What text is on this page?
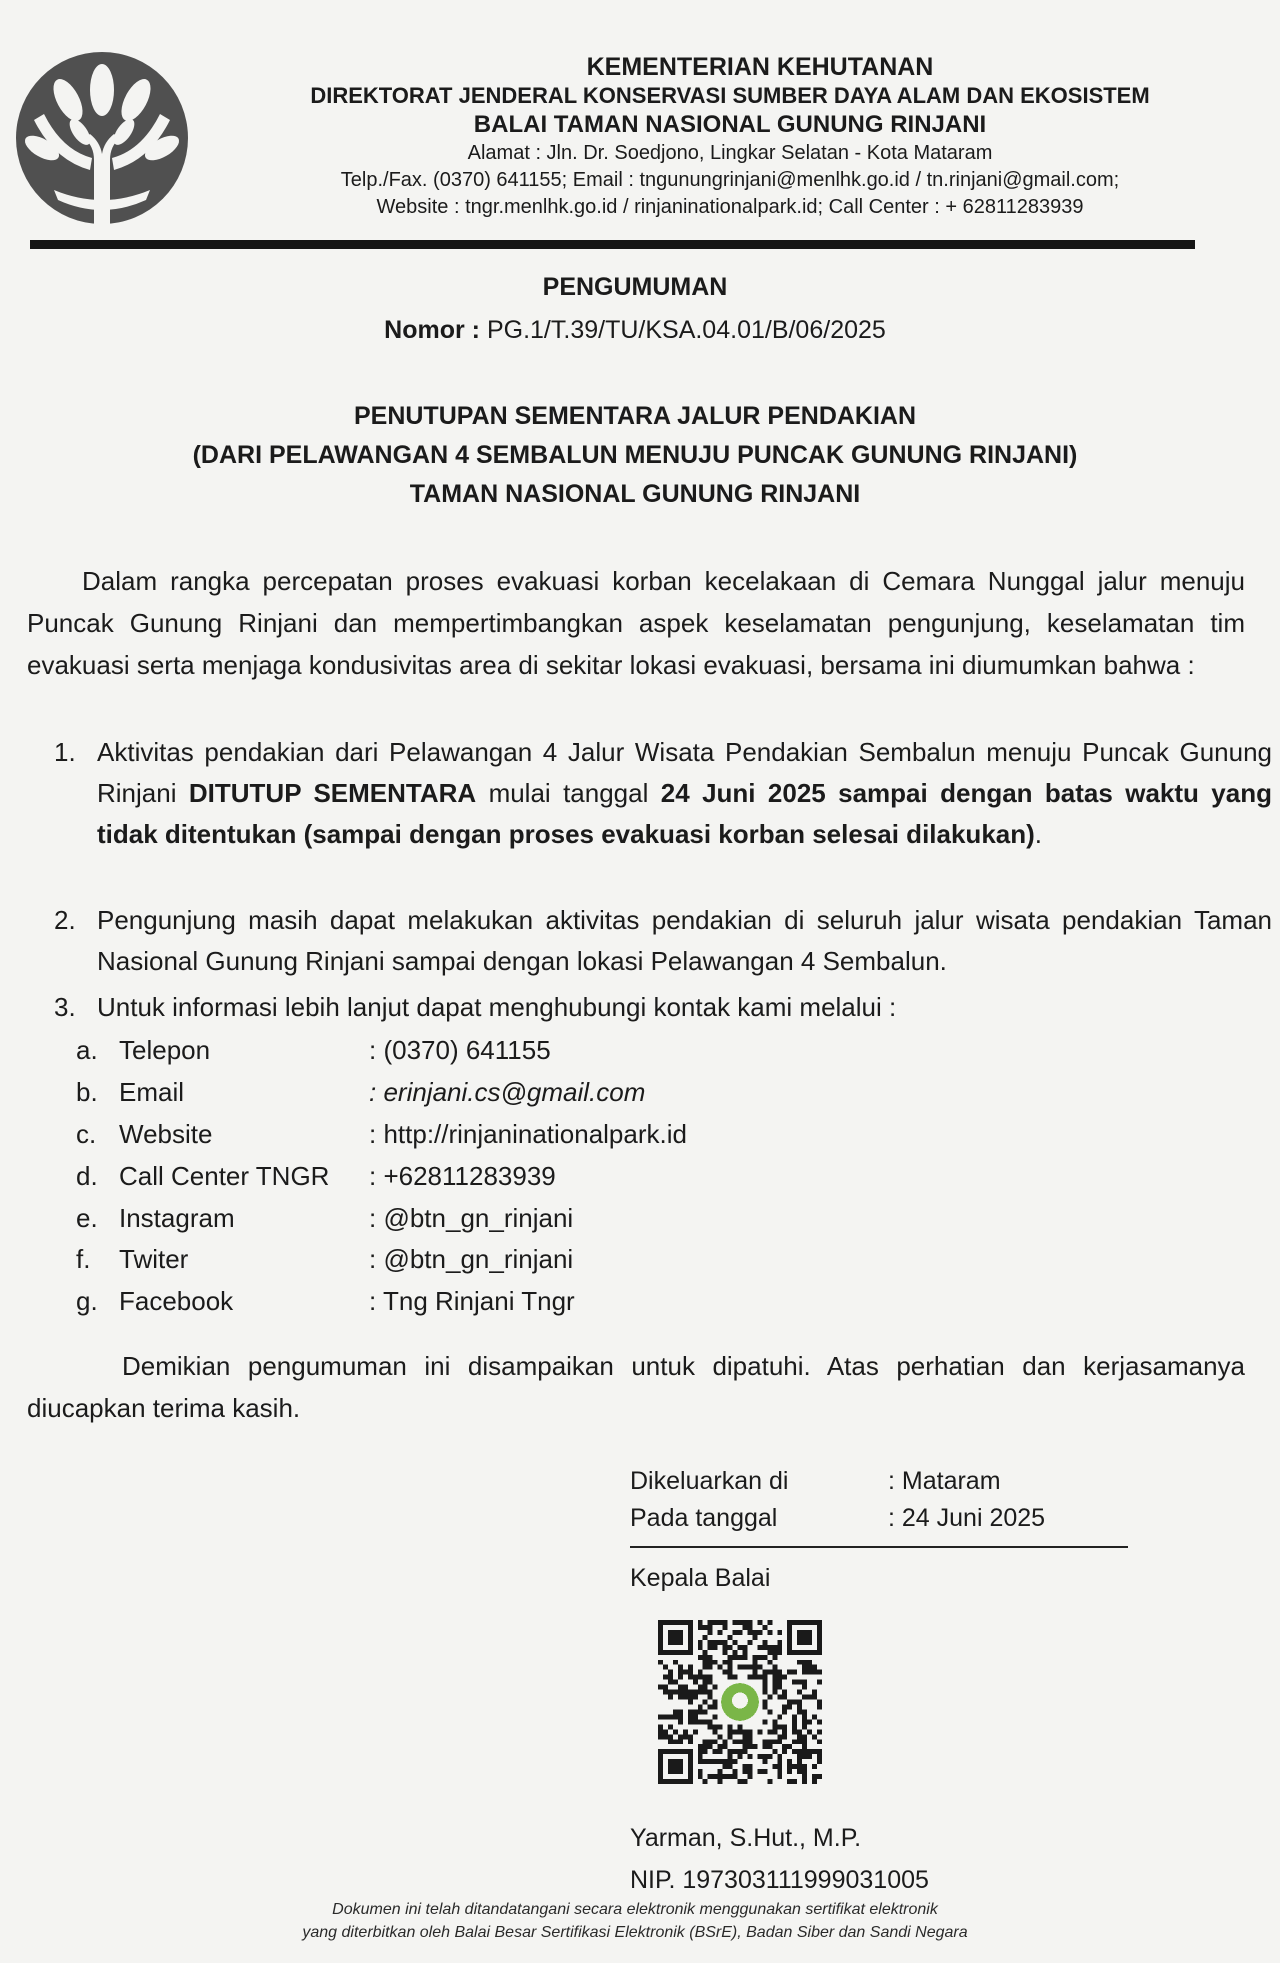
KEMENTERIAN KEHUTANAN
DIREKTORAT JENDERAL KONSERVASI SUMBER DAYA ALAM DAN EKOSISTEM
BALAI TAMAN NASIONAL GUNUNG RINJANI
Alamat : Jln. Dr. Soedjono, Lingkar Selatan - Kota Mataram
Telp./Fax. (0370) 641155; Email : tngunungrinjani@menlhk.go.id / tn.rinjani@gmail.com;
Website : tngr.menlhk.go.id / rinjaninationalpark.id; Call Center : + 62811283939
PENGUMUMAN
Nomor : PG.1/T.39/TU/KSA.04.01/B/06/2025
PENUTUPAN SEMENTARA JALUR PENDAKIAN
(DARI PELAWANGAN 4 SEMBALUN MENUJU PUNCAK GUNUNG RINJANI)
TAMAN NASIONAL GUNUNG RINJANI
Dalam rangka percepatan proses evakuasi korban kecelakaan di Cemara Nunggal jalur menuju Puncak Gunung Rinjani dan mempertimbangkan aspek keselamatan pengunjung, keselamatan tim evakuasi serta menjaga kondusivitas area di sekitar lokasi evakuasi, bersama ini diumumkan bahwa :
1. Aktivitas pendakian dari Pelawangan 4 Jalur Wisata Pendakian Sembalun menuju Puncak Gunung Rinjani DITUTUP SEMENTARA mulai tanggal 24 Juni 2025 sampai dengan batas waktu yang tidak ditentukan (sampai dengan proses evakuasi korban selesai dilakukan).
2. Pengunjung masih dapat melakukan aktivitas pendakian di seluruh jalur wisata pendakian Taman Nasional Gunung Rinjani sampai dengan lokasi Pelawangan 4 Sembalun.
3. Untuk informasi lebih lanjut dapat menghubungi kontak kami melalui :
a. Telepon	: (0370) 641155
b. Email	: erinjani.cs@gmail.com
c. Website	: http://rinjaninationalpark.id
d. Call Center TNGR	: +62811283939
e. Instagram	: @btn_gn_rinjani
f.	Twiter	: @btn_gn_rinjani
g. Facebook	: Tng Rinjani Tngr
Demikian pengumuman ini disampaikan untuk dipatuhi. Atas perhatian dan kerjasamanya diucapkan terima kasih.
Dikeluarkan di	: Mataram
Pada tanggal	: 24 Juni 2025
Kepala Balai
Yarman, S.Hut., M.P.
NIP. 197303111999031005
Dokumen ini telah ditandatangani secara elektronik menggunakan sertifikat elektronik
yang diterbitkan oleh Balai Besar Sertifikasi Elektronik (BSrE), Badan Siber dan Sandi Negara
